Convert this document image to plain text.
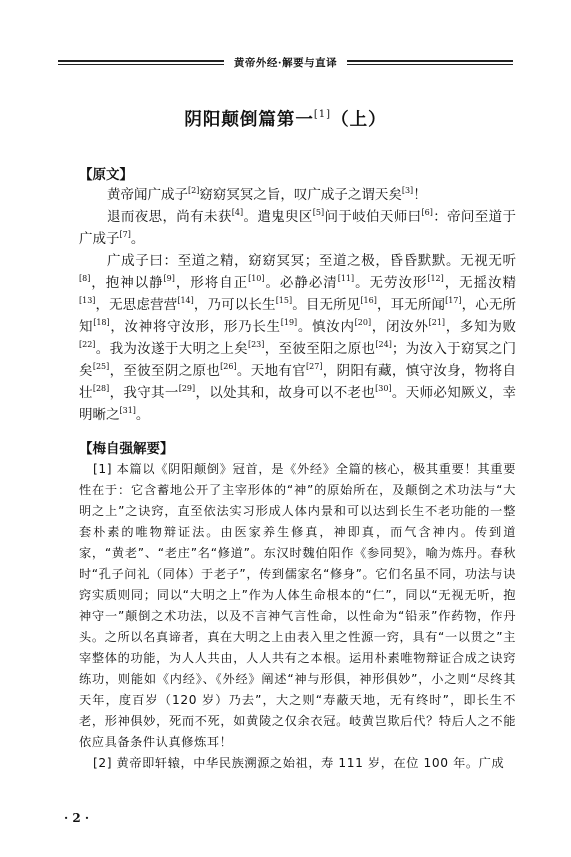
黄帝外经·解要与直译
阴阳颠倒篇第一[1]（上）
【原文】

黄帝闻广成子[2]窈窈冥冥之旨，叹广成子之谓天矣[3]！

退而夜思，尚有未获[4]。遣鬼臾区[5]问于岐伯天师曰[6]：帝问至道于广成子[7]。

广成子曰：至道之精，窈窈冥冥；至道之极，昏昏默默。无视无听[8]，抱神以静[9]，形将自正[10]。必静必清[11]。无劳汝形[12]，无摇汝精[13]，无思虑营营[14]，乃可以长生[15]。目无所见[16]，耳无所闻[17]，心无所知[18]，汝神将守汝形，形乃长生[19]。慎汝内[20]，闭汝外[21]，多知为败[22]。我为汝遂于大明之上矣[23]，至彼至阳之原也[24]；为汝入于窈冥之门矣[25]，至彼至阴之原也[26]。天地有官[27]，阴阳有藏，慎守汝身，物将自壮[28]，我守其一[29]，以处其和，故身可以不老也[30]。天师必知厥义，幸明晰之[31]。

【梅自强解要】

[1] 本篇以《阴阳颠倒》冠首，是《外经》全篇的核心，极其重要！其重要性在于：它含蓄地公开了主宰形体的“神”的原始所在，及颠倒之术功法与“大明之上”之诀窍，直至依法实习形成人体内景和可以达到长生不老功能的一整套朴素的唯物辩证法。由医家养生修真，神即真，而气含神内。传到道家，“黄老”、“老庄”名“修道”。东汉时魏伯阳作《参同契》，喻为炼丹。春秋时“孔子问礼（同体）于老子”，传到儒家名“修身”。它们名虽不同，功法与诀窍实质则同；同以“大明之上”作为人体生命根本的“仁”，同以“无视无听，抱神守一”颠倒之术功法，以及不言神气言性命，以性命为“铅汞”作药物，作丹头。之所以名真谛者，真在大明之上由表入里之性源一窍，具有“一以贯之”主宰整体的功能，为人人共由，人人共有之本根。运用朴素唯物辩证合成之诀窍练功，则能如《内经》、《外经》阐述“神与形俱，神形俱妙”，小之则“尽终其天年，度百岁（120 岁）乃去”，大之则“寿蔽天地，无有终时”，即长生不老，形神俱妙，死而不死，如黄陵之仅余衣冠。岐黄岂欺后代？特后人之不能依应具备条件认真修炼耳！

[2] 黄帝即轩辕，中华民族溯源之始祖，寿 111 岁，在位 100 年。广成

· 2 ·
